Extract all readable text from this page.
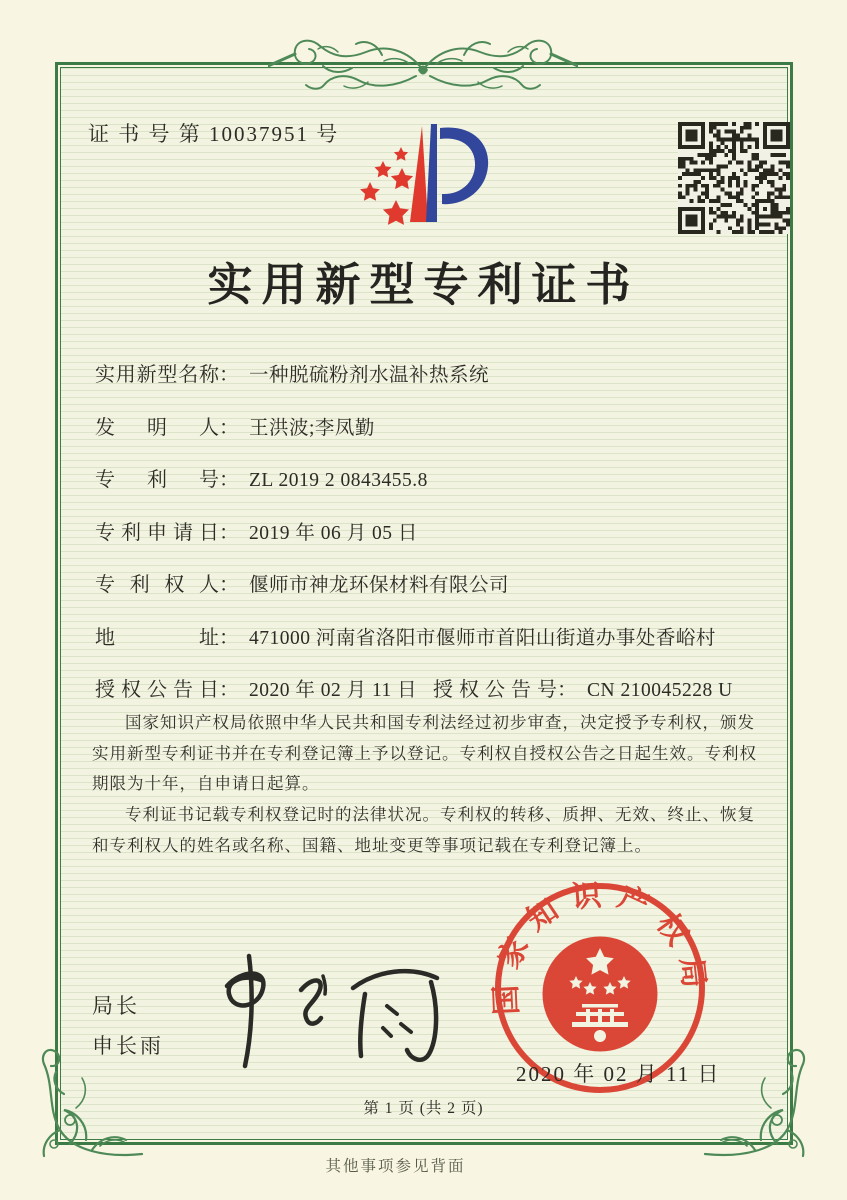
证 书 号 第 10037951 号
实用新型专利证书
实用新型名称 ： 一种脱硫粉剂水温补热系统
发明人 ： 王洪波;李凤勤
专利号 ： ZL 2019 2 0843455.8
专利申请日 ： 2019 年 06 月 05 日
专利权人 ： 偃师市神龙环保材料有限公司
地址 ： 471000 河南省洛阳市偃师市首阳山街道办事处香峪村
授权公告日 ： 2020 年 02 月 11 日 授权公告号 ： CN 210045228 U

国家知识产权局依照中华人民共和国专利法经过初步审查，决定授予专利权，颁发实用新型专利证书并在专利登记簿上予以登记。专利权自授权公告之日起生效。专利权期限为十年，自申请日起算。

专利证书记载专利权登记时的法律状况。专利权的转移、质押、无效、终止、恢复和专利权人的姓名或名称、国籍、地址变更等事项记载在专利登记簿上。

局长
申长雨
国家知识产权局
2020 年 02 月 11 日
第 1 页 (共 2 页)
其他事项参见背面
